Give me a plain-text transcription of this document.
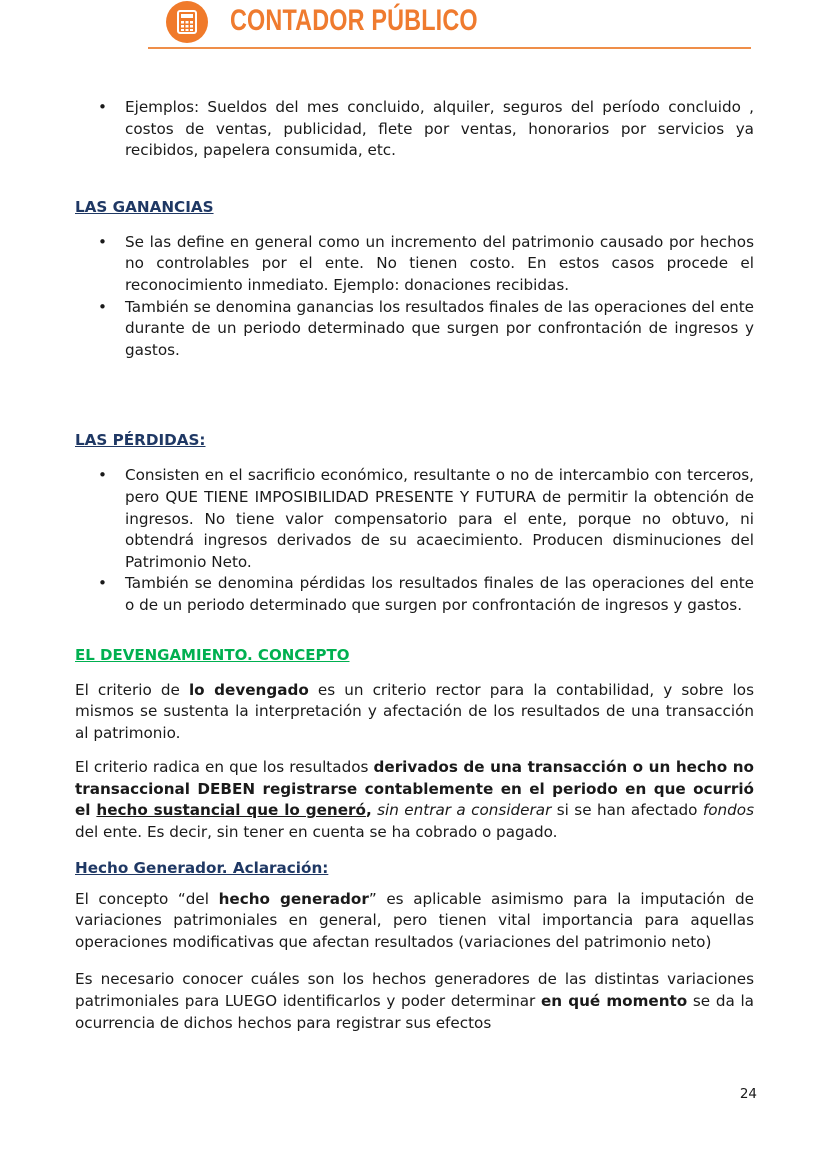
CONTADOR PÚBLICO
• Ejemplos: Sueldos del mes concluido, alquiler, seguros del período concluido , costos de ventas, publicidad, flete por ventas, honorarios por servicios ya recibidos, papelera consumida, etc.

LAS GANANCIAS

• Se las define en general como un incremento del patrimonio causado por hechos no controlables por el ente. No tienen costo. En estos casos procede el reconocimiento inmediato. Ejemplo: donaciones recibidas.
• También se denomina ganancias los resultados finales de las operaciones del ente durante de un periodo determinado que surgen por confrontación de ingresos y gastos.

LAS PÉRDIDAS:

• Consisten en el sacrificio económico, resultante o no de intercambio con terceros, pero QUE TIENE IMPOSIBILIDAD PRESENTE Y FUTURA de permitir la obtención de ingresos. No tiene valor compensatorio para el ente, porque no obtuvo, ni obtendrá ingresos derivados de su acaecimiento. Producen disminuciones del Patrimonio Neto.
• También se denomina pérdidas los resultados finales de las operaciones del ente o de un periodo determinado que surgen por confrontación de ingresos y gastos.

EL DEVENGAMIENTO. CONCEPTO

El criterio de lo devengado es un criterio rector para la contabilidad, y sobre los mismos se sustenta la interpretación y afectación de los resultados de una transacción al patrimonio.

El criterio radica en que los resultados derivados de una transacción o un hecho no transaccional DEBEN registrarse contablemente en el periodo en que ocurrió el hecho sustancial que lo generó, sin entrar a considerar si se han afectado fondos del ente. Es decir, sin tener en cuenta se ha cobrado o pagado.

Hecho Generador. Aclaración:

El concepto “del hecho generador” es aplicable asimismo para la imputación de variaciones patrimoniales en general, pero tienen vital importancia para aquellas operaciones modificativas que afectan resultados (variaciones del patrimonio neto)

Es necesario conocer cuáles son los hechos generadores de las distintas variaciones patrimoniales para LUEGO identificarlos y poder determinar en qué momento se da la ocurrencia de dichos hechos para registrar sus efectos

24
